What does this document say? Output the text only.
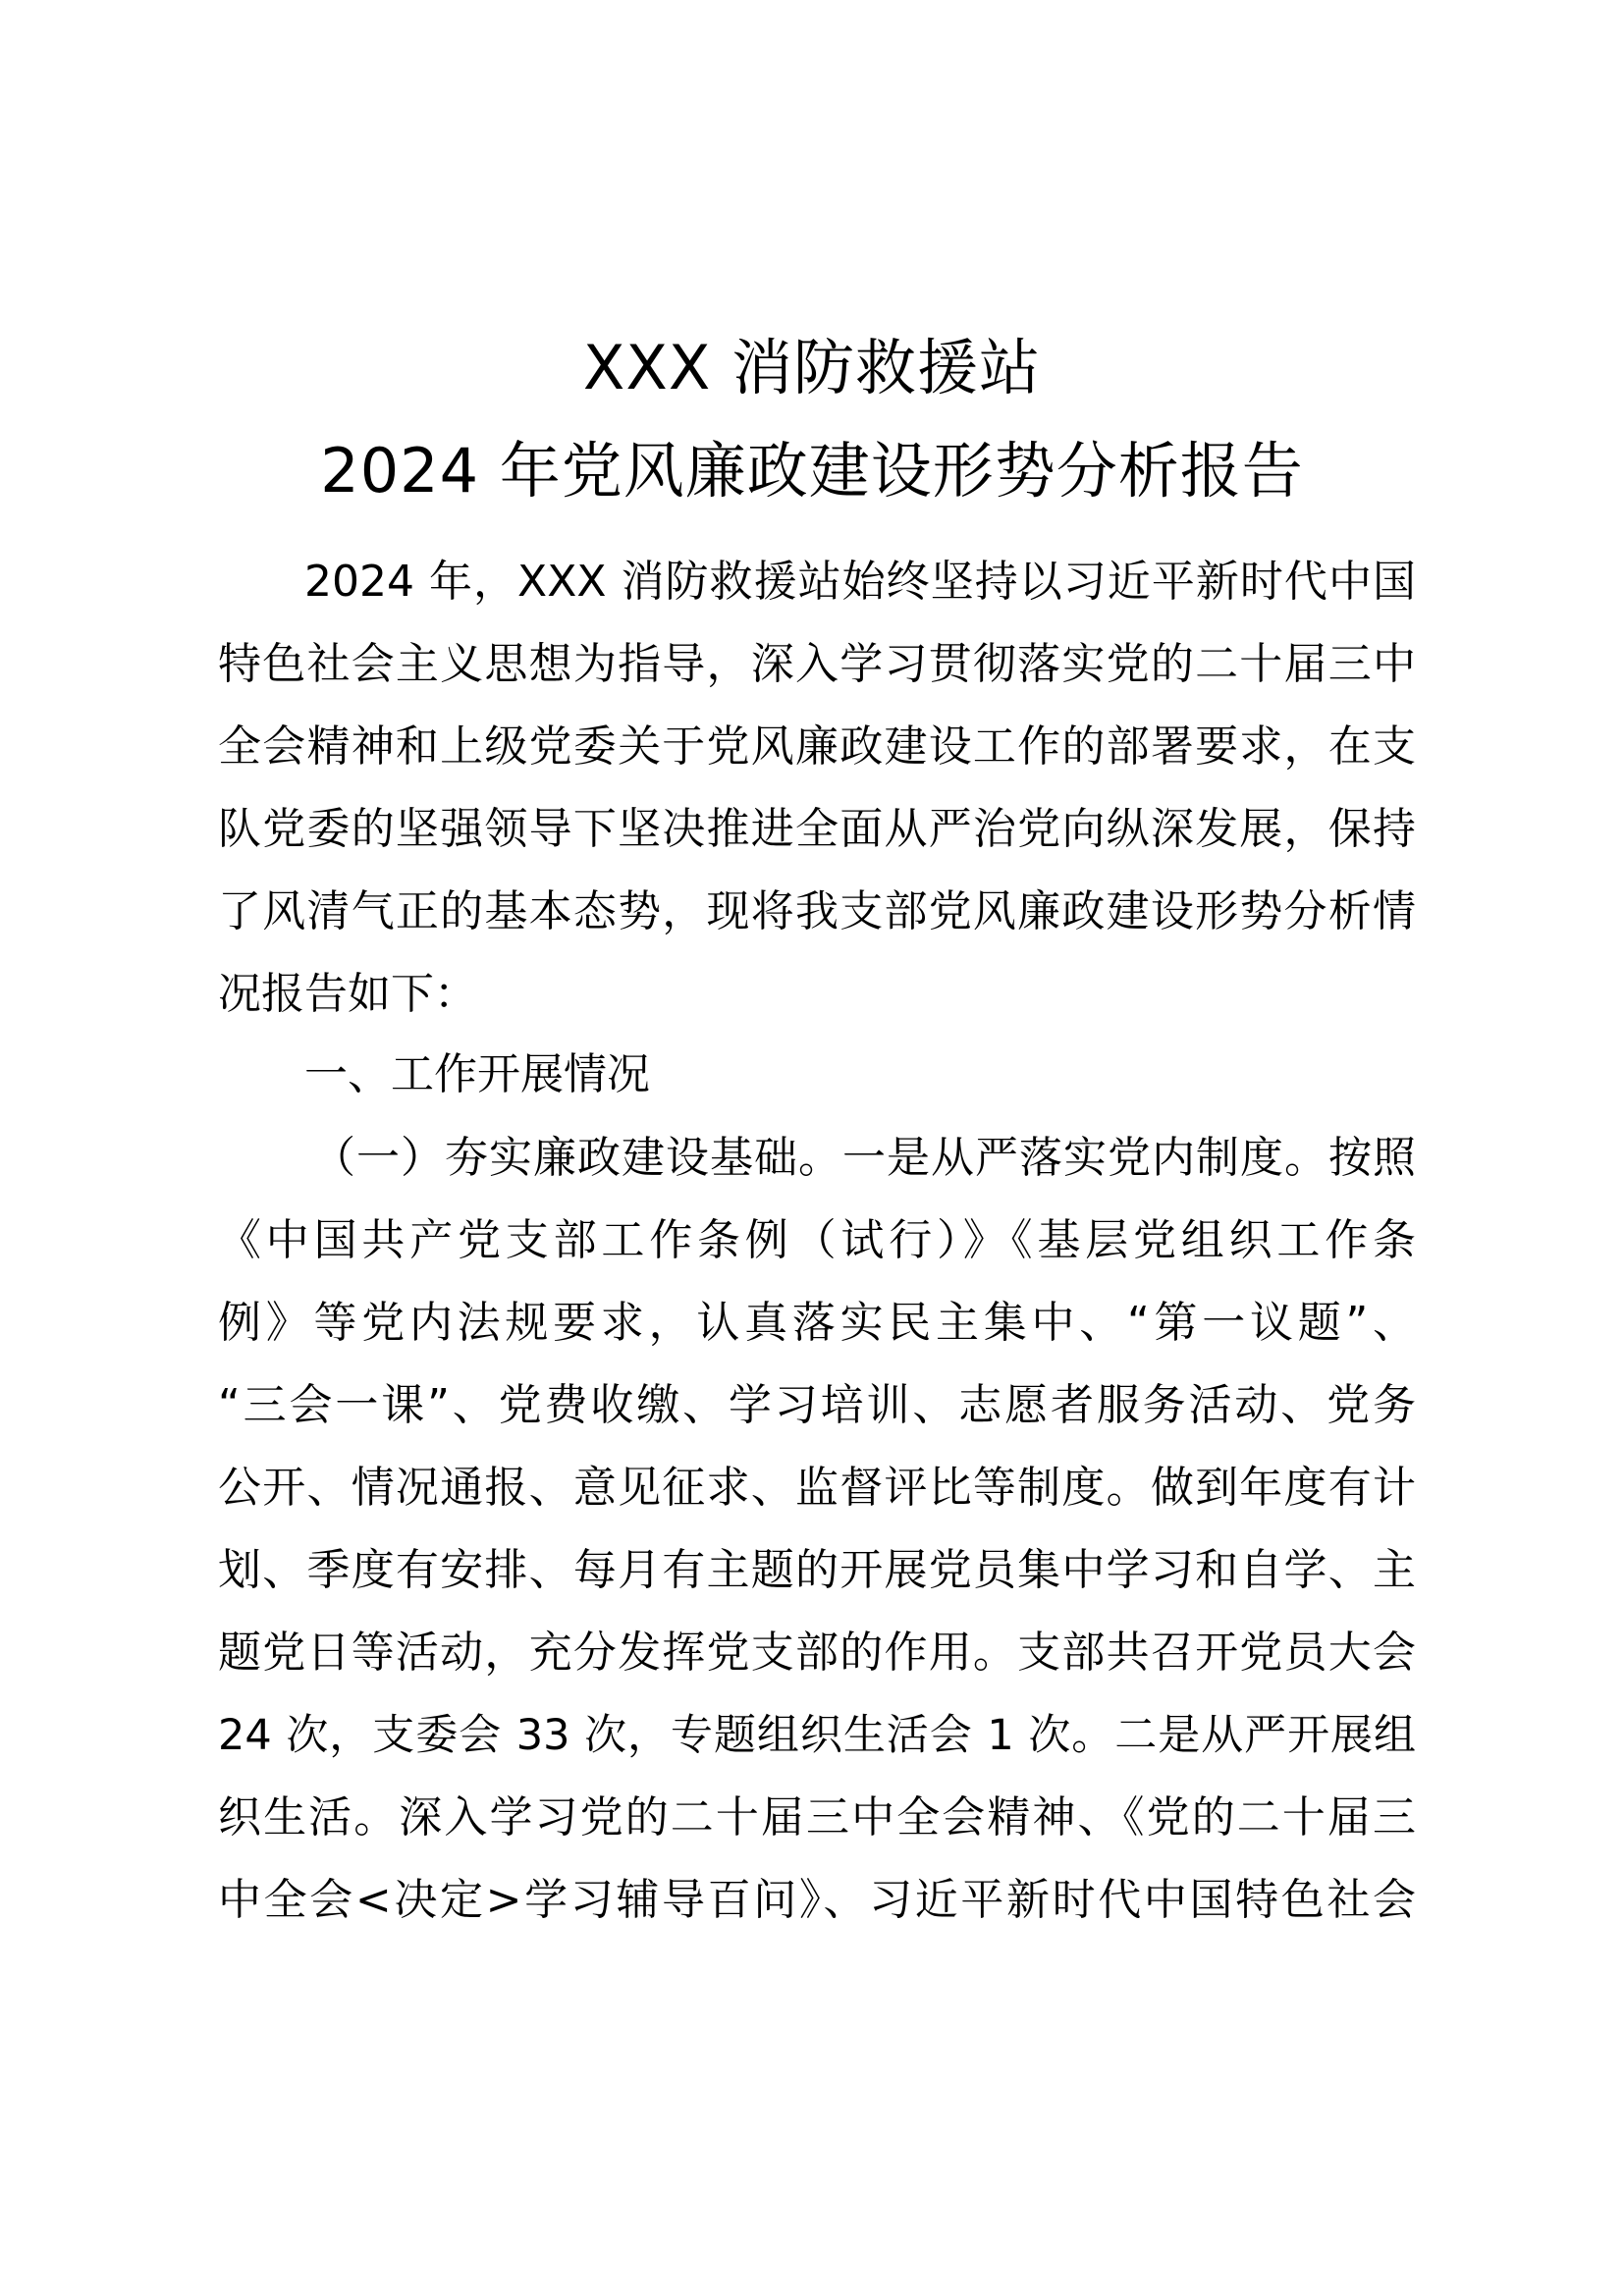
XXX 消防救援站
2024 年党风廉政建设形势分析报告
2024 年，XXX 消防救援站始终坚持以习近平新时代中国
特色社会主义思想为指导，深入学习贯彻落实党的二十届三中
全会精神和上级党委关于党风廉政建设工作的部署要求，在支
队党委的坚强领导下坚决推进全面从严治党向纵深发展，保持
了风清气正的基本态势，现将我支部党风廉政建设形势分析情
况报告如下：
一、工作开展情况
（一）夯实廉政建设基础。一是从严落实党内制度。按照
《中国共产党支部工作条例（试行）》《基层党组织工作条
例》等党内法规要求，认真落实民主集中、“第一议题”、
“三会一课”、党费收缴、学习培训、志愿者服务活动、党务
公开、情况通报、意见征求、监督评比等制度。做到年度有计
划、季度有安排、每月有主题的开展党员集中学习和自学、主
题党日等活动，充分发挥党支部的作用。支部共召开党员大会
24 次，支委会 33 次，专题组织生活会 1 次。二是从严开展组
织生活。深入学习党的二十届三中全会精神、《党的二十届三
中全会<决定>学习辅导百问》、习近平新时代中国特色社会
